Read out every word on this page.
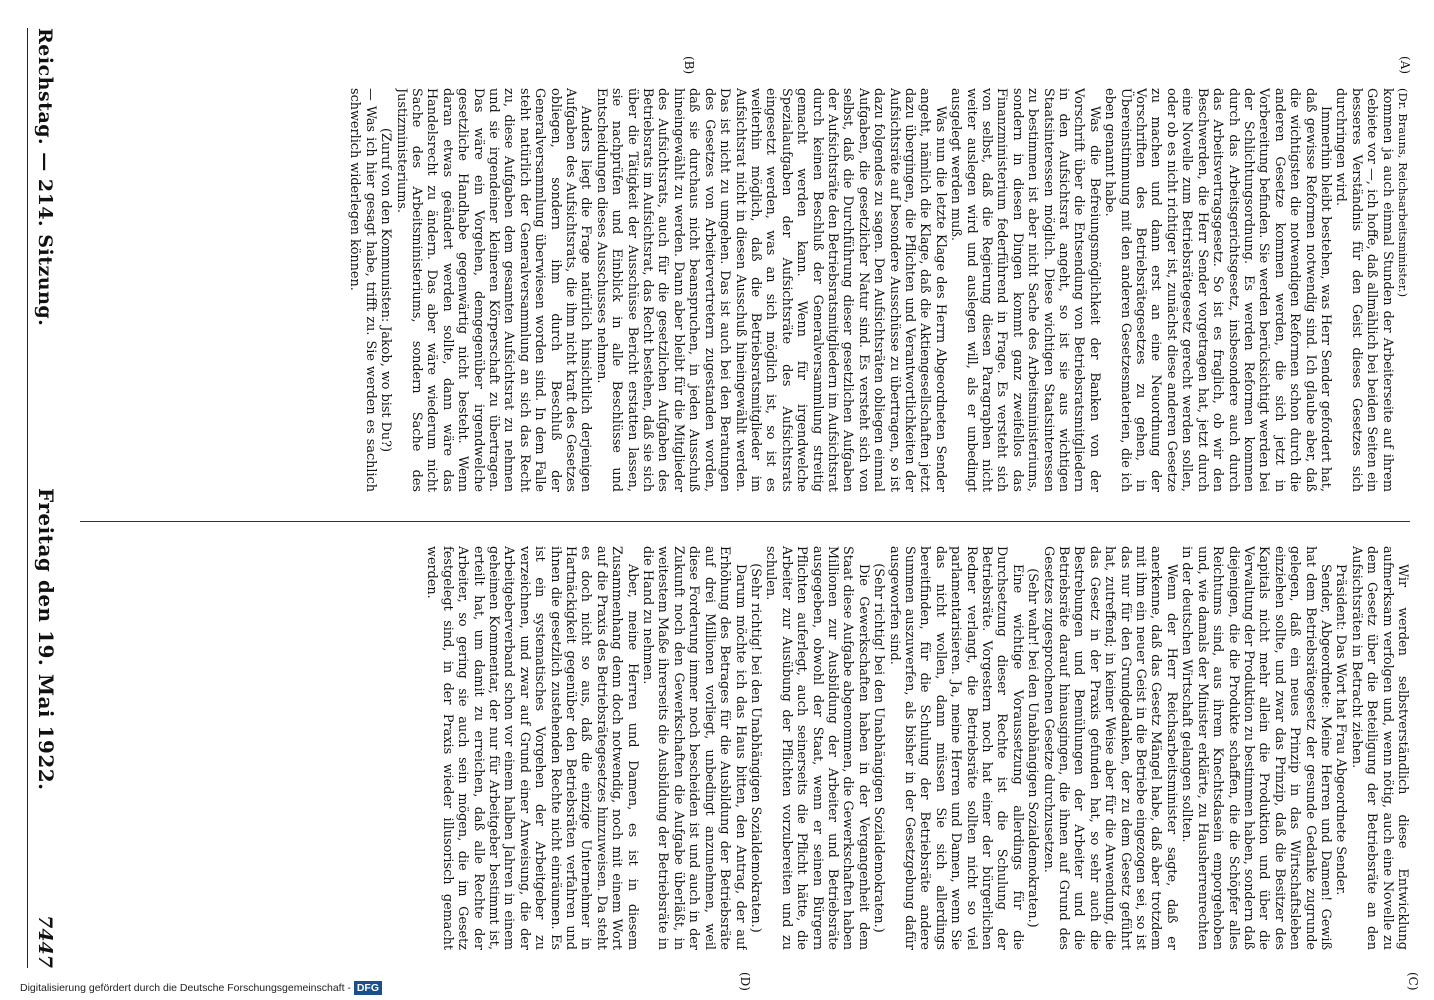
Reichstag. — 214. Sitzung.
Freitag den 19. Mai 1922.
7447
(A)
(B)
(C)
(D)

(Dr. Brauns, Reichsarbeitsminister.)

kommen ja auch einmal Stunden der Arbeiterseite auf ihrem Gebiete vor —, ich hoffe, daß allmählich bei beiden Seiten ein besseres Verständnis für den Geist dieses Gesetzes sich durchringen wird.

Immerhin bleibt bestehen, was Herr Sender gefordert hat, daß gewisse Reformen notwendig sind. Ich glaube aber, daß die wichtigsten die notwendigen Reformen schon durch die anderen Gesetze kommen werden, die sich jetzt in Vorbereitung befinden. Sie werden berücksichtigt werden bei der Schlichtungsordnung. Es werden Reformen kommen durch das Arbeitsgerichtsgesetz, insbesondere auch durch das Arbeitsvertragsgesetz. So ist es fraglich, ob wir den Beschwerden, die Herr Sender vorgetragen hat, jetzt durch eine Novelle zum Betriebsrätegesetz gerecht werden sollen, oder ob es nicht richtiger ist, zunächst diese anderen Gesetze zu machen und dann erst an eine Neuordnung der Vorschriften des Betriebsrätegesetzes zu gehen, in Übereinstimmung mit den anderen Gesetzesmaterien, die ich eben genannt habe.

Was die Befreiungsmöglichkeit der Banken von der Vorschrift über die Entsendung von Betriebsratsmitgliedern in den Aufsichtsrat angeht, so ist sie aus wichtigen Staatsinteressen möglich. Diese wichtigen Staatsinteressen zu bestimmen ist aber nicht Sache des Arbeitsministeriums, sondern in diesen Dingen kommt ganz zweifellos das Finanzministerium federführend in Frage. Es versteht sich von selbst, daß die Regierung diesen Paragraphen nicht weiter auslegen wird und auslegen will, als er unbedingt ausgelegt werden muß.

Was nun die letzte Klage des Herrn Abgeordneten Sender angeht, nämlich die Klage, daß die Aktiengesellschaften jetzt dazu übergingen, die Pflichten und Verantwortlichkeiten der Aufsichtsräte auf besondere Ausschüsse zu übertragen, so ist dazu folgendes zu sagen. Den Aufsichtsräten obliegen einmal Aufgaben, die gesetzlicher Natur sind. Es versteht sich von selbst, daß die Durchführung dieser gesetzlichen Aufgaben der Aufsichtsräte den Betriebsratsmitgliedern im Aufsichtsrat durch keinen Beschluß der Generalversammlung streitig gemacht werden kann. Wenn für irgendwelche Spezialaufgaben der Aufsichtsräte des Aufsichtsrats eingesetzt werden, was an sich möglich ist, so ist es weiterhin möglich, daß die Betriebsratsmitglieder im Aufsichtsrat nicht in diesen Ausschuß hineingewählt werden. Das ist nicht zu umgehen. Das ist auch bei den Beratungen des Gesetzes von Arbeitervertretern zugestanden worden, daß sie durchaus nicht beanspruchen, in jeden Ausschuß hineingewählt zu werden. Dann aber bleibt für die Mitglieder des Aufsichtsrats, auch für die gesetzlichen Aufgaben des Betriebsrats im Aufsichtsrat, das Recht bestehen, daß sie sich über die Tätigkeit der Ausschüsse Bericht erstatten lassen, sie nachprüfen und Einblick in alle Beschlüsse und Entscheidungen dieses Ausschusses nehmen.

Anders liegt die Frage natürlich hinsichtlich derjenigen Aufgaben des Aufsichtsrats, die ihm nicht kraft des Gesetzes obliegen, sondern ihm durch Beschluß der Generalversammlung überwiesen worden sind. In dem Falle steht natürlich der Generalversammlung an sich das Recht zu, diese Aufgaben dem gesamten Aufsichtsrat zu nehmen und sie irgendeiner kleineren Körperschaft zu übertragen. Das wäre ein Vorgehen, demgegenüber irgendwelche gesetzliche Handhabe gegenwärtig nicht besteht. Wenn daran etwas geändert werden sollte, dann wäre das Handelsrecht zu ändern. Das aber wäre wiederum nicht Sache des Arbeitsministeriums, sondern Sache des Justizministeriums.

(Zuruf von den Kommunisten: Jakob, wo bist Du?)

— Was ich hier gesagt habe, trifft zu. Sie werden es sachlich schwerlich widerlegen können.

Wir werden selbstverständlich diese Entwicklung aufmerksam verfolgen und, wenn nötig, auch eine Novelle zu dem Gesetz über die Beteiligung der Betriebsräte an den Aufsichtsräten in Betracht ziehen.

Präsident: Das Wort hat Frau Abgeordnete Sender.

Sender, Abgeordnete: Meine Herren und Damen! Gewiß hat dem Betriebsrätegesetz der gesunde Gedanke zugrunde gelegen, daß ein neues Prinzip in das Wirtschaftsleben einziehen sollte, und zwar das Prinzip, daß die Besitzer des Kapitals nicht mehr allein die Produktion und über die Verwaltung der Produktion zu bestimmen haben, sondern daß diejenigen, die die Produkte schaffen, die die Schöpfer alles Reichtums sind, aus ihrem Knechtsdasein emporgehoben und, wie damals der Minister erklärte, zu Hausherrenrechten in der deutschen Wirtschaft gelangen sollten.

Wenn der Herr Reichsarbeitsminister sagte, daß er anerkenne, daß das Gesetz Mängel habe, daß aber trotzdem mit ihm ein neuer Geist in die Betriebe eingezogen sei, so ist das nur für den Grundgedanken, der zu dem Gesetz geführt hat, zutreffend; in keiner Weise aber für die Anwendung, die das Gesetz in der Praxis gefunden hat, so sehr auch die Bestrebungen und Bemühungen der Arbeiter und die Betriebsräte darauf hinausgingen, die ihnen auf Grund des Gesetzes zugesprochenen Gesetze durchzusetzen.

(Sehr wahr! bei den Unabhängigen Sozialdemokraten.)

Eine wichtige Voraussetzung allerdings für die Durchsetzung dieser Rechte ist die Schulung der Betriebsräte. Vorgestern noch hat einer der bürgerlichen Redner verlangt, die Betriebsräte sollten nicht so viel parlamentarisieren. Ja, meine Herren und Damen, wenn Sie das nicht wollen, dann müssen Sie sich allerdings bereitfinden, für die Schulung der Betriebsräte andere Summen auszuwerfen, als bisher in der Gesetzgebung dafür ausgeworfen sind.

(Sehr richtig! bei den Unabhängigen Sozialdemokraten.)

Die Gewerkschaften haben in der Vergangenheit dem Staat diese Aufgabe abgenommen, die Gewerkschaften haben Millionen zur Ausbildung der Arbeiter und Betriebsräte ausgegeben, obwohl der Staat, wenn er seinen Bürgern Pflichten auferlegt, auch seinerseits die Pflicht hätte, die Arbeiter zur Ausübung der Pflichten vorzubereiten und zu schulen.

(Sehr richtig! bei den Unabhängigen Sozialdemokraten.)

Darum möchte ich das Haus bitten, den Antrag, der auf Erhöhung des Betrages für die Ausbildung der Betriebsräte auf drei Millionen vorliegt, unbedingt anzunehmen, weil diese Forderung immer noch bescheiden ist und auch in der Zukunft noch den Gewerkschaften die Aufgabe überläßt, in weitestem Maße ihrerseits die Ausbildung der Betriebsräte in die Hand zu nehmen.

Aber, meine Herren und Damen, es ist in diesem Zusammenhang denn doch notwendig, noch mit einem Wort auf die Praxis des Betriebsrätegesetzes hinzuweisen. Da steht es doch nicht so aus, daß die einzige Unternehmer in Hartnäckigkeit gegenüber den Betriebsräten verfahren und ihnen die gesetzlich zustehenden Rechte nicht einräumen. Es ist ein systematisches Vorgehen der Arbeitgeber zu verzeichnen, und zwar auf Grund einer Anweisung, die der Arbeitgeberverband schon vor einem halben Jahren in einem geheimen Kommentar, der nur für Arbeitgeber bestimmt ist, erteilt hat, um damit zu erreichen, daß alle Rechte der Arbeiter, so gering sie auch sein mögen, die im Gesetz festgelegt sind, in der Praxis wieder illusorisch gemacht werden.

Digitalisierung gefördert durch die Deutsche Forschungsgemeinschaft - DFG
